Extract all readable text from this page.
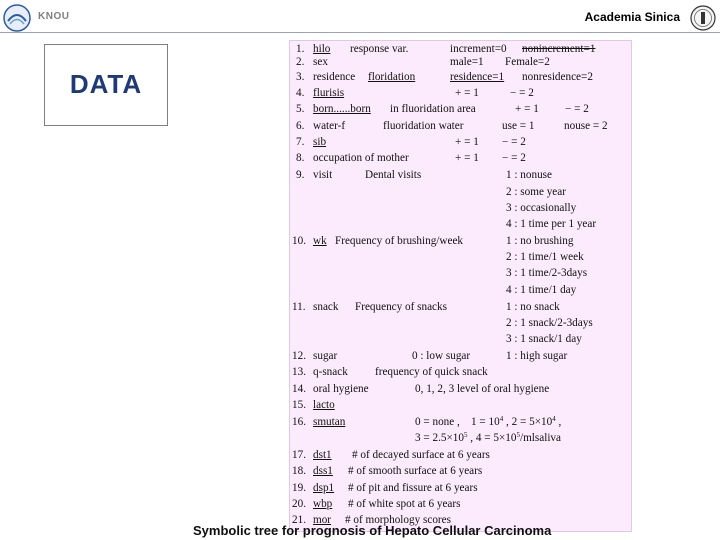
KNOU	Academia Sinica
DATA
1. hilo response var.	increment=0 nonincrement=1
2. sex	male=1 Female=2
3. residence floridation	residence=1 nonresidence=2
4. flurisis	+ = 1	− = 2
5. born......born in fluoridation area	+ = 1 − = 2
6. water-f	fluoridation water	use = 1	nouse = 2
7. sib	+ = 1 − = 2
8. occupation of mother	+ = 1 − = 2
9. visit	Dental visits	1 : nonuse
2 : some year
3 : occasionally
4 : 1 time per 1 year
10. wk Frequency of brushing/week	1 : no brushing
2 : 1 time/1 week
3 : 1 time/2-3days
4 : 1 time/1 day
11. snack Frequency of snacks	1 : no snack
2 : 1 snack/2-3days
3 : 1 snack/1 day
12. sugar	0 : low sugar	1 : high sugar
13. q-snack frequency of quick snack
14. oral hygiene	0, 1, 2, 3 level of oral hygiene
15. lacto
16. smutan	0 = none , $1 = 10^4$ , $2 = 5\times 10^4$ ,
$3 = 2.5\times 10^5$ , $4 = 5\times 10^5$/mlsaliva
17. dst1 # of decayed surface at 6 years
18. dss1 # of smooth surface at 6 years
19. dsp1 # of pit and fissure at 6 years
20. wbp # of white spot at 6 years
21. mor # of morphology scores
Symbolic tree for prognosis of Hepato Cellular Carcinoma
